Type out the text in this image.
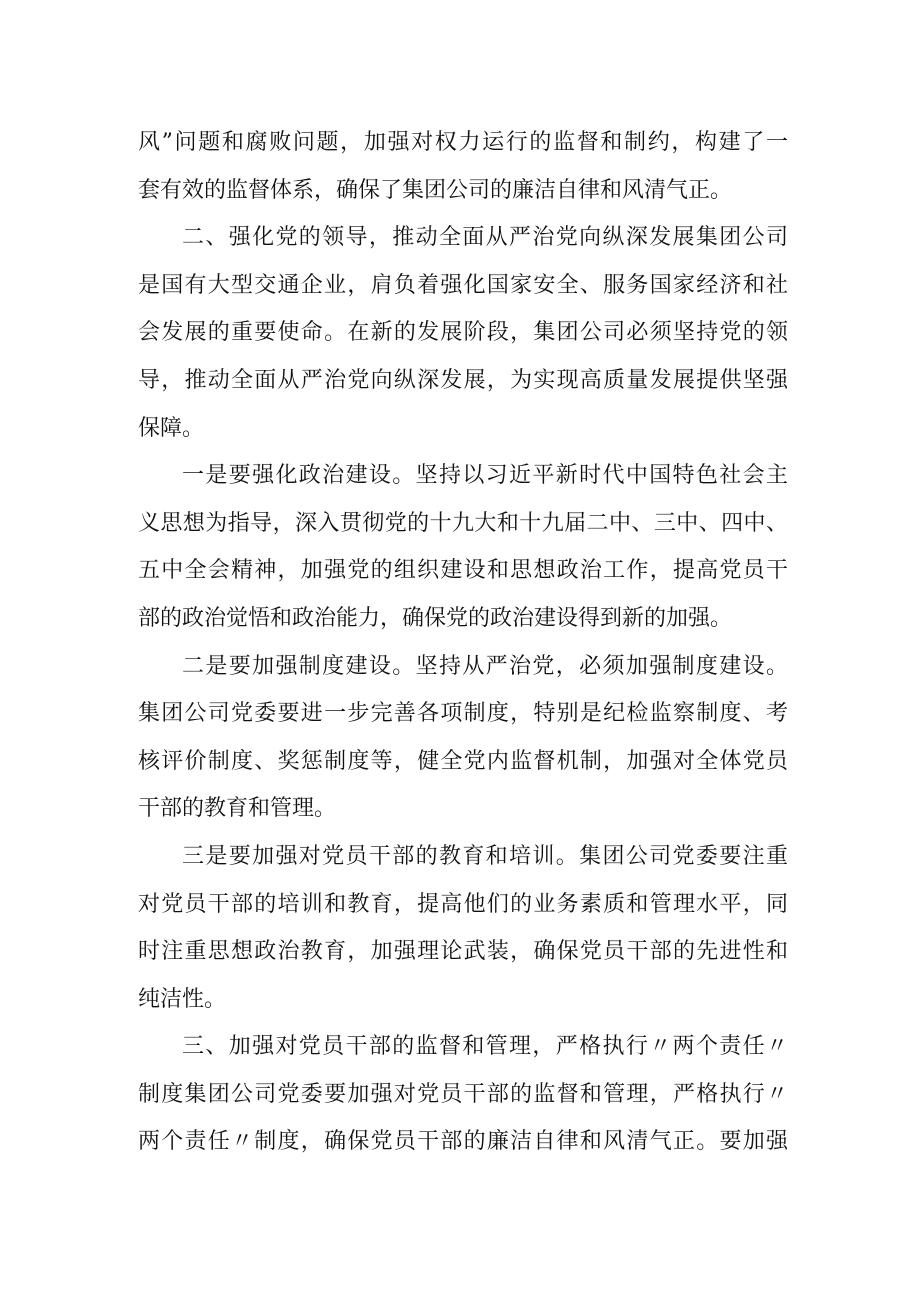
风”问题和腐败问题，加强对权力运行的监督和制约，构建了一
套有效的监督体系，确保了集团公司的廉洁自律和风清气正。
二、强化党的领导，推动全面从严治党向纵深发展集团公司
是国有大型交通企业，肩负着强化国家安全、服务国家经济和社
会发展的重要使命。在新的发展阶段，集团公司必须坚持党的领
导，推动全面从严治党向纵深发展，为实现高质量发展提供坚强
保障。
一是要强化政治建设。坚持以习近平新时代中国特色社会主
义思想为指导，深入贯彻党的十九大和十九届二中、三中、四中、
五中全会精神，加强党的组织建设和思想政治工作，提高党员干
部的政治觉悟和政治能力，确保党的政治建设得到新的加强。
二是要加强制度建设。坚持从严治党，必须加强制度建设。
集团公司党委要进一步完善各项制度，特别是纪检监察制度、考
核评价制度、奖惩制度等，健全党内监督机制，加强对全体党员
干部的教育和管理。
三是要加强对党员干部的教育和培训。集团公司党委要注重
对党员干部的培训和教育，提高他们的业务素质和管理水平，同
时注重思想政治教育，加强理论武装，确保党员干部的先进性和
纯洁性。
三、加强对党员干部的监督和管理，严格执行〃两个责任〃
制度集团公司党委要加强对党员干部的监督和管理，严格执行〃
两个责任〃制度，确保党员干部的廉洁自律和风清气正。要加强
